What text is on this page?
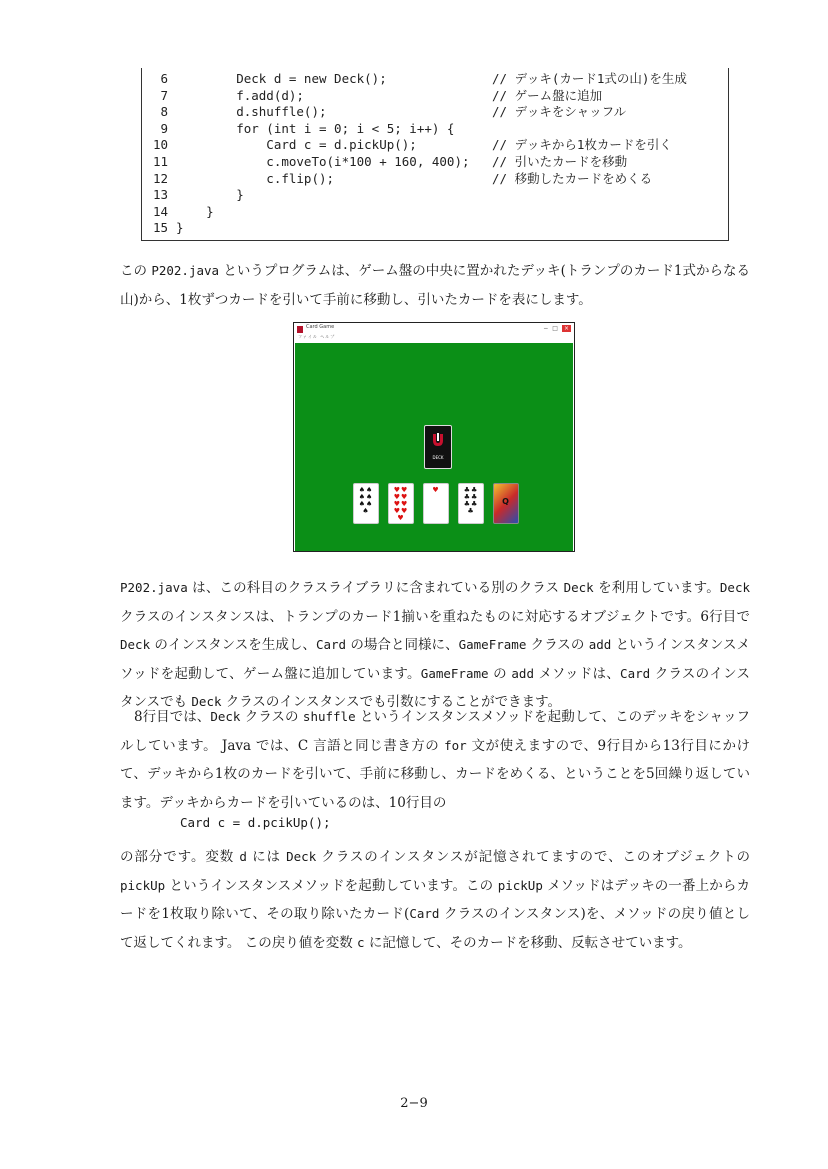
6 Deck d = new Deck();	// デッキ(カード1式の山)を生成
7 f.add(d);	// ゲーム盤に追加
8 d.shuffle();	// デッキをシャッフル
9 for (int i = 0; i < 5; i++) {
10 Card c = d.pickUp();	// デッキから1枚カードを引く
11 c.moveTo(i*100 + 160, 400); // 引いたカードを移動
12 c.flip();	// 移動したカードをめくる
13 }
14 }
15 }
この P202.java というプログラムは、ゲーム盤の中央に置かれたデッキ(トランプのカード1式からなる山)から、1枚ずつカードを引いて手前に移動し、引いたカードを表にします。
Card Game
ファイル ヘルプ
− □ ×
DECK
♠♠♠♠♠♠♠
♥♥♥♥♥♥♥♥♥
♥	♣♣♣♣♣♣♣
Q
P202.java は、この科目のクラスライブラリに含まれている別のクラス Deck を利用しています。Deck クラスのインスタンスは、トランプのカード1揃いを重ねたものに対応するオブジェクトです。6行目で Deck のインスタンスを生成し、Card の場合と同様に、GameFrame クラスの add というインスタンスメソッドを起動して、ゲーム盤に追加しています。GameFrame の add メソッドは、Card クラスのインスタンスでも Deck クラスのインスタンスでも引数にすることができます。
8行目では、Deck クラスの shuffle というインスタンスメソッドを起動して、このデッキをシャッフルしています。 Java では、C 言語と同じ書き方の for 文が使えますので、9行目から13行目にかけて、デッキから1枚のカードを引いて、手前に移動し、カードをめくる、ということを5回繰り返しています。デッキからカードを引いているのは、10行目の
Card c = d.pcikUp();
の部分です。変数 d には Deck クラスのインスタンスが記憶されてますので、このオブジェクトの pickUp というインスタンスメソッドを起動しています。この pickUp メソッドはデッキの一番上からカードを1枚取り除いて、その取り除いたカード(Card クラスのインスタンス)を、メソッドの戻り値として返してくれます。 この戻り値を変数 c に記憶して、そのカードを移動、反転させています。
2−9
